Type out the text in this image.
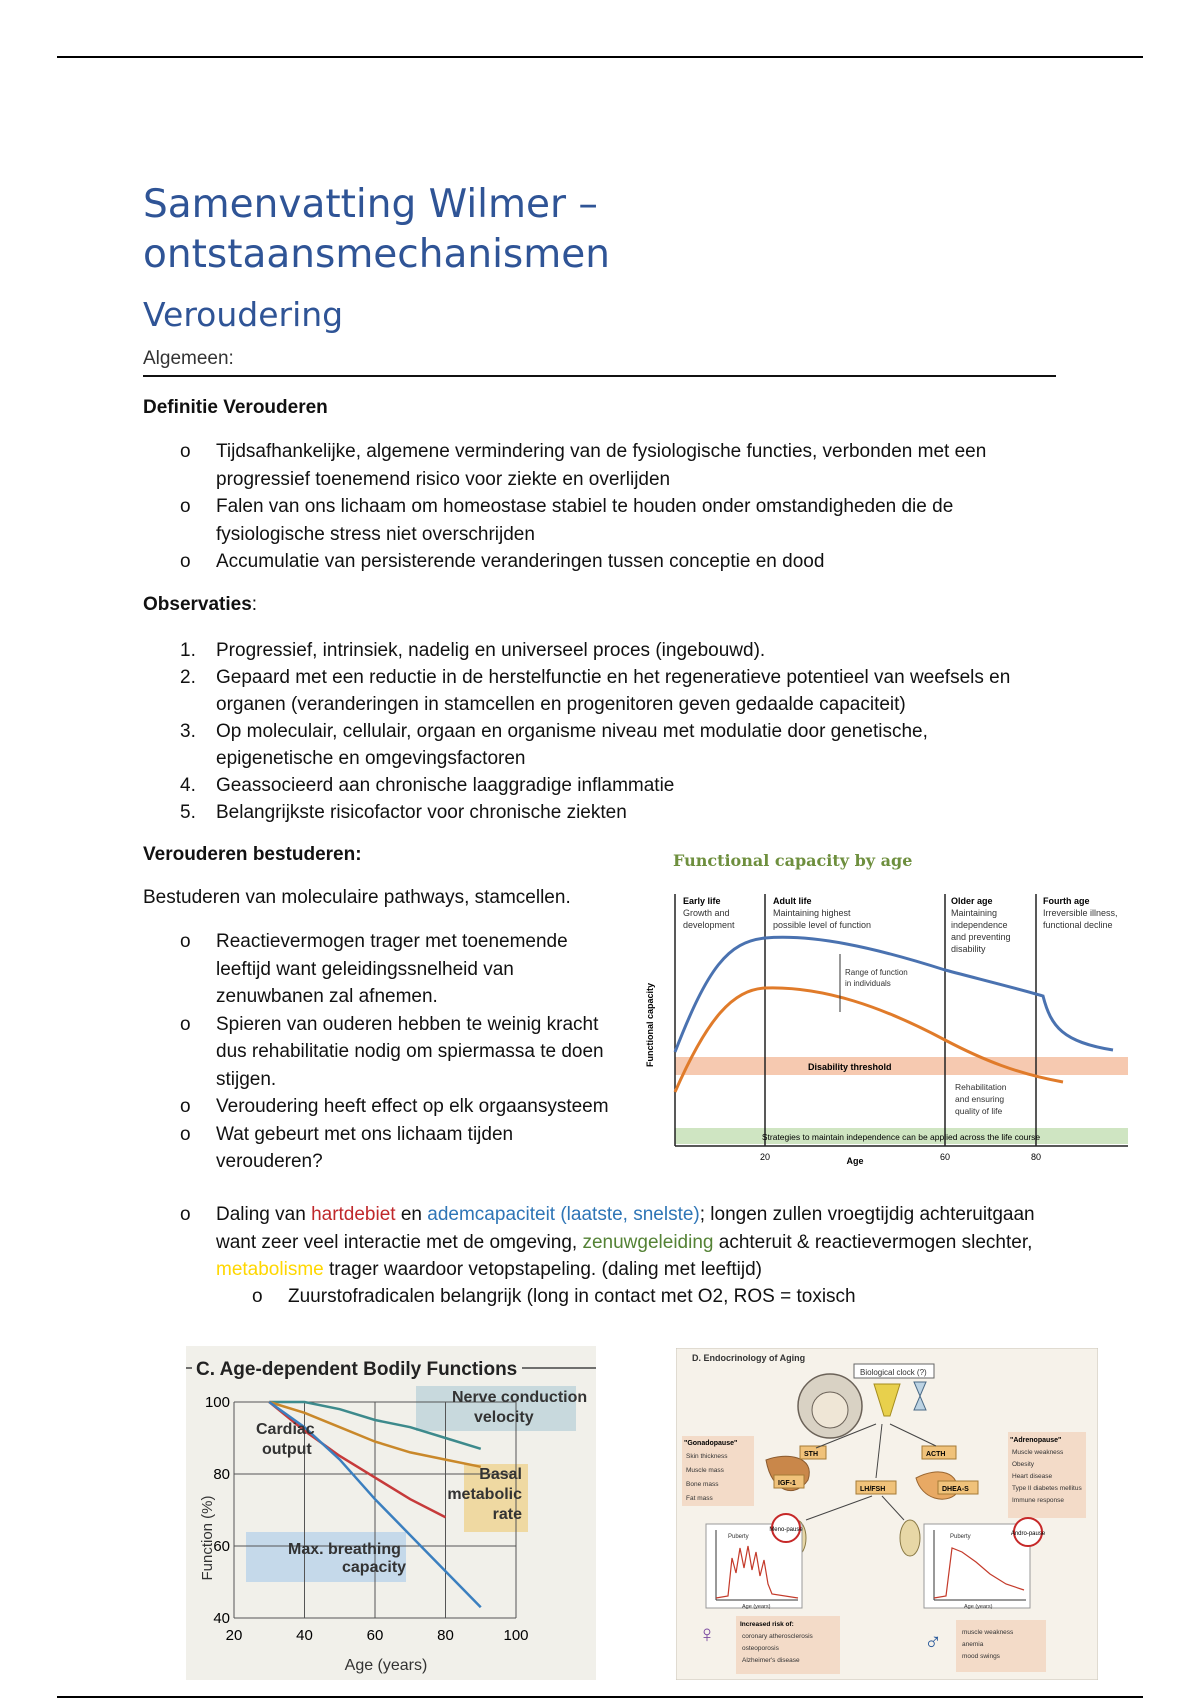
Samenvatting Wilmer – ontstaansmechanismen
Veroudering
Algemeen:
Definitie Verouderen
o Tijdsafhankelijke, algemene vermindering van de fysiologische functies, verbonden met een progressief toenemend risico voor ziekte en overlijden
o Falen van ons lichaam om homeostase stabiel te houden onder omstandigheden die de fysiologische stress niet overschrijden
o Accumulatie van persisterende veranderingen tussen conceptie en dood
Observaties:
1. Progressief, intrinsiek, nadelig en universeel proces (ingebouwd).
2. Gepaard met een reductie in de herstelfunctie en het regeneratieve potentieel van weefsels en organen (veranderingen in stamcellen en progenitoren geven gedaalde capaciteit)
3. Op moleculair, cellulair, orgaan en organisme niveau met modulatie door genetische, epigenetische en omgevingsfactoren
4. Geassocieerd aan chronische laaggradige inflammatie
5. Belangrijkste risicofactor voor chronische ziekten
Verouderen bestuderen:
Bestuderen van moleculaire pathways, stamcellen.
o Reactievermogen trager met toenemende leeftijd want geleidingssnelheid van zenuwbanen zal afnemen.
o Spieren van ouderen hebben te weinig kracht dus rehabilitatie nodig om spiermassa te doen stijgen.
o Veroudering heeft effect op elk orgaansysteem
o Wat gebeurt met ons lichaam tijden verouderen?
o Daling van hartdebiet en ademcapaciteit (laatste, snelste); longen zullen vroegtijdig achteruitgaan want zeer veel interactie met de omgeving, zenuwgeleiding achteruit & reactievermogen slechter, metabolisme trager waardoor vetopstapeling. (daling met leeftijd)
o Zuurstofradicalen belangrijk (long in contact met O2, ROS = toxisch
Functional capacity by age
Range of function
in individuals
Early life
Growth and
development
Adult life
Maintaining highest
possible level of function
Older age
Maintaining
independence
and preventing
disability
Fourth age
Irreversible illness,
functional decline
Functional capacity	Disability threshold
Rehabilitation
and ensuring
quality of life
Strategies to maintain independence can be applied across the life course
20	60	80
Age
C. Age-dependent Bodily Functions
100
80
60
40
20	40	60	80	100
Nerve conduction
velocity
Cardiac
output
Basal
metabolic
rate
Max. breathing
capacity
Function (%)
Age (years)
D. Endocrinology of Aging
Biological clock (?)
"Gonadopause"
Skin thickness
Muscle mass
Bone mass
Fat mass
"Adrenopause"
Muscle weakness
Obesity
Heart disease
Type II diabetes mellitus
Immune response
STH	ACTH
IGF-1
LH/FSH	DHEA-S
Puberty
Age (years)
Meno-pause
Puberty
Age (years)
Andro-pause
♀	Increased risk of:
coronary atherosclerosis
osteoporosis
Alzheimer's disease
♂	muscle weakness
anemia
mood swings
